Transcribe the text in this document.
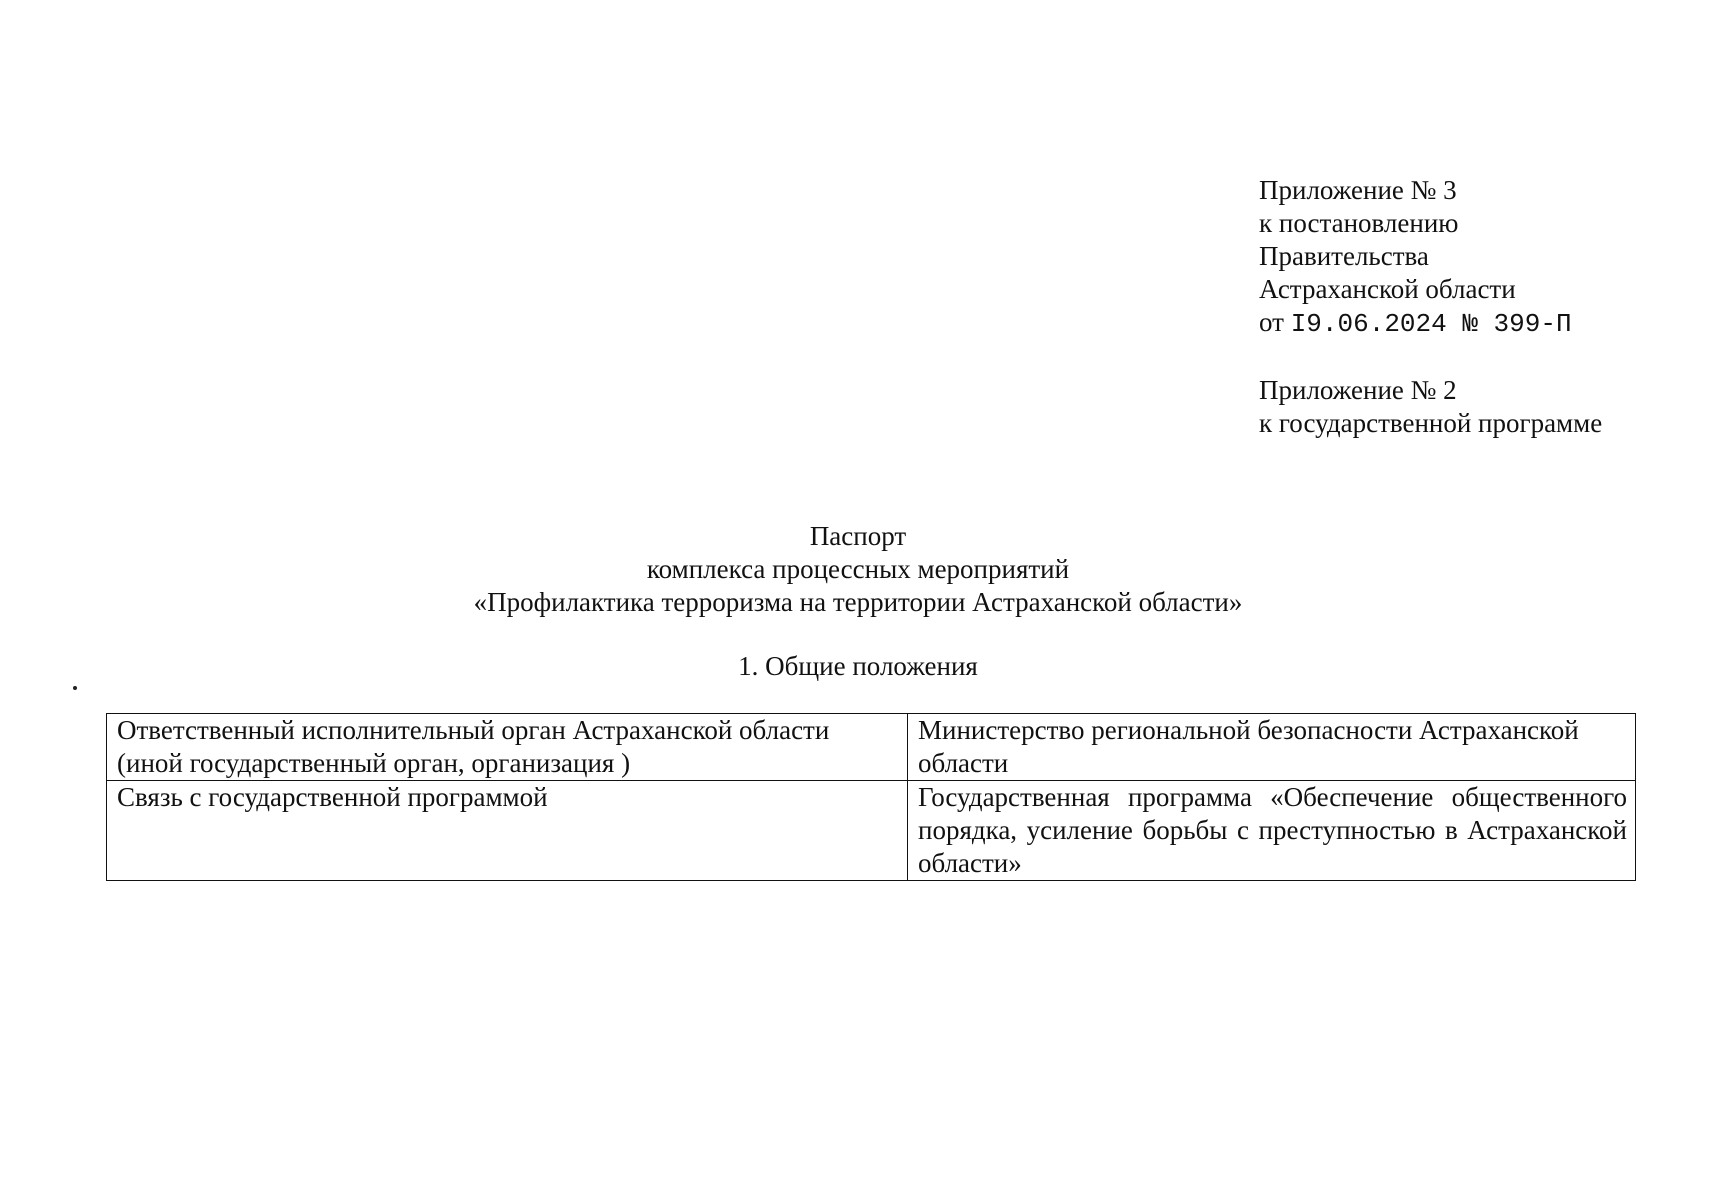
Приложение № 3
к постановлению
Правительства
Астраханской области
от I9.06.2024 № 399-П
Приложение № 2
к государственной программе
Паспорт
комплекса процессных мероприятий
«Профилактика терроризма на территории Астраханской области»
1. Общие положения
Ответственный исполнительный орган Астраханской области (иной государственный орган, организация )	Министерство региональной безопасности Астраханской области
Связь с государственной программой	Государственная программа «Обеспечение общественного порядка, усиление борьбы с преступностью в Астраханской области»
